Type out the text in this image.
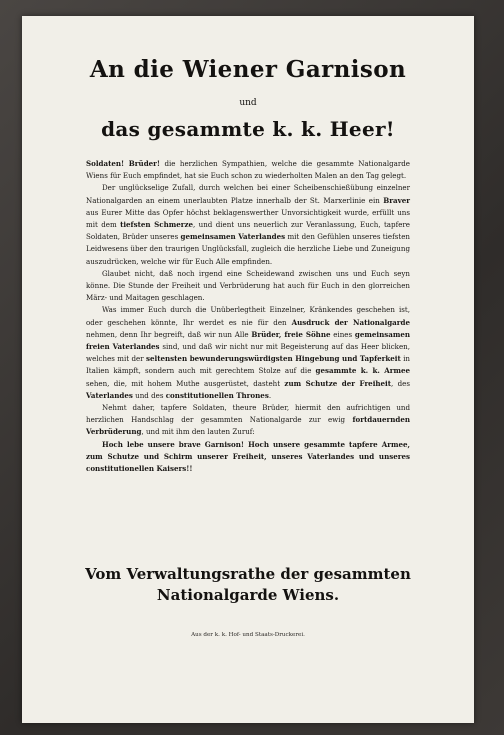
An die Wiener Garnison
und
das gesammte k. k. Heer!

Soldaten! Brüder! die herzlichen Sympathien, welche die gesammte Nationalgarde Wiens für Euch empfindet, hat sie Euch schon zu wiederholten Malen an den Tag gelegt.

Der unglückselige Zufall, durch welchen bei einer Scheibenschießübung einzelner Nationalgarden an einem unerlaubten Platze innerhalb der St. Marxerlinie ein Braver aus Eurer Mitte das Opfer höchst beklagenswerther Unvorsichtigkeit wurde, erfüllt uns mit dem tiefsten Schmerze, und dient uns neuerlich zur Veranlassung, Euch, tapfere Soldaten, Brüder unseres gemeinsamen Vaterlandes mit den Gefühlen unseres tiefsten Leidwesens über den traurigen Unglücksfall, zugleich die herzliche Liebe und Zuneigung auszudrücken, welche wir für Euch Alle empfinden.

Glaubet nicht, daß noch irgend eine Scheidewand zwischen uns und Euch seyn könne. Die Stunde der Freiheit und Verbrüderung hat auch für Euch in den glorreichen März- und Maitagen geschlagen.

Was immer Euch durch die Unüberlegtheit Einzelner, Kränkendes geschehen ist, oder geschehen könnte, Ihr werdet es nie für den Ausdruck der Nationalgarde nehmen, denn Ihr begreift, daß wir nun Alle Brüder, freie Söhne eines gemeinsamen freien Vaterlandes sind, und daß wir nicht nur mit Begeisterung auf das Heer blicken, welches mit der seltensten bewunderungswürdigsten Hingebung und Tapferkeit in Italien kämpft, sondern auch mit gerechtem Stolze auf die gesammte k. k. Armee sehen, die, mit hohem Muthe ausgerüstet, dasteht zum Schutze der Freiheit, des Vaterlandes und des constitutionellen Thrones.

Nehmt daher, tapfere Soldaten, theure Brüder, hiermit den aufrichtigen und herzlichen Handschlag der gesammten Nationalgarde zur ewig fortdauernden Verbrüderung, und mit ihm den lauten Zuruf:

Hoch lebe unsere brave Garnison! Hoch unsere gesammte tapfere Armee, zum Schutze und Schirm unserer Freiheit, unseres Vaterlandes und unseres constitutionellen Kaisers!!

Vom Verwaltungsrathe der gesammten
Nationalgarde Wiens.
Aus der k. k. Hof- und Staats-Druckerei.
